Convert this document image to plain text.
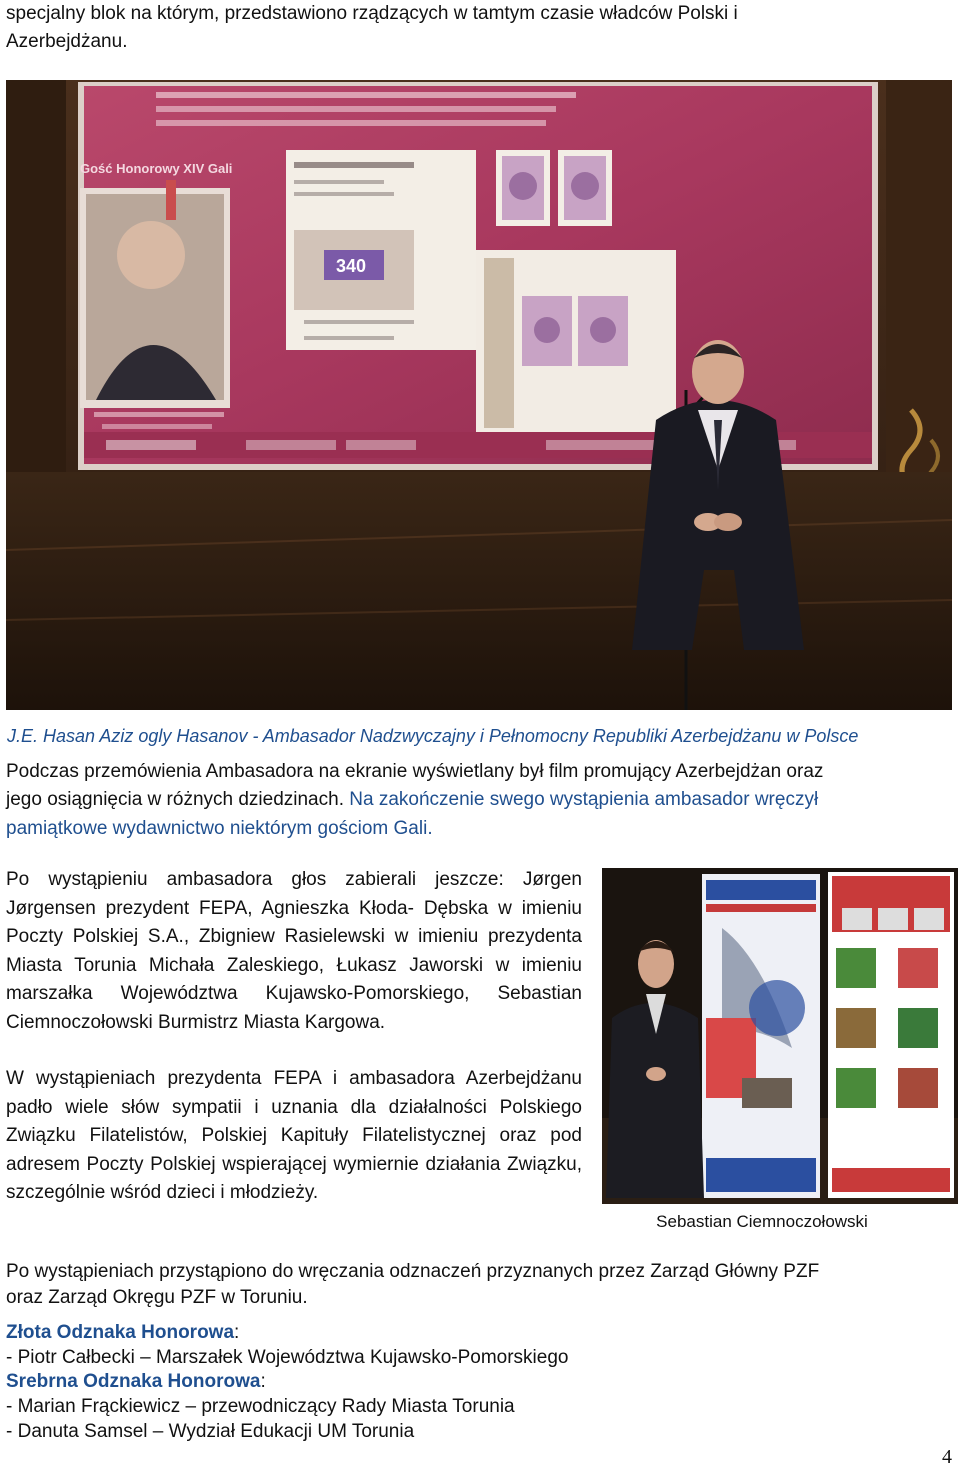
specjalny blok na którym, przedstawiono rządzących w tamtym czasie władców Polski i

Azerbejdżanu.

Gość Honorowy XIV Gali
340
J.E. Hasan Aziz ogly Hasanov - Ambasador Nadzwyczajny i Pełnomocny Republiki Azerbejdżanu w Polsce

Podczas przemówienia Ambasadora na ekranie wyświetlany był film promujący Azerbejdżan oraz

jego osiągnięcia w różnych dziedzinach. Na zakończenie swego wystąpienia ambasador wręczył

pamiątkowe wydawnictwo niektórym gościom Gali.

Po wystąpieniu ambasadora głos zabierali jeszcze: Jørgen Jørgensen prezydent FEPA, Agnieszka Kłoda- Dębska w imieniu Poczty Polskiej S.A., Zbigniew Rasielewski w imieniu prezydenta Miasta Torunia Michała Zaleskiego, Łukasz Jaworski w imieniu marszałka Województwa Kujawsko-Pomorskiego, Sebastian Ciemnoczołowski Burmistrz Miasta Kargowa.

W wystąpieniach prezydenta FEPA i ambasadora Azerbejdżanu padło wiele słów sympatii i uznania dla działalności Polskiego Związku Filatelistów, Polskiej Kapituły Filatelistycznej oraz pod adresem Poczty Polskiej wspierającej wymiernie działania Związku, szczególnie wśród dzieci i młodzieży.

Sebastian Ciemnoczołowski

Po wystąpieniach przystąpiono do wręczania odznaczeń przyznanych przez Zarząd Główny PZF

oraz Zarząd Okręgu PZF w Toruniu.

Złota Odznaka Honorowa:

- Piotr Całbecki – Marszałek Województwa Kujawsko-Pomorskiego

Srebrna Odznaka Honorowa:

- Marian Frąckiewicz – przewodniczący Rady Miasta Torunia

- Danuta Samsel – Wydział Edukacji UM Torunia

4
